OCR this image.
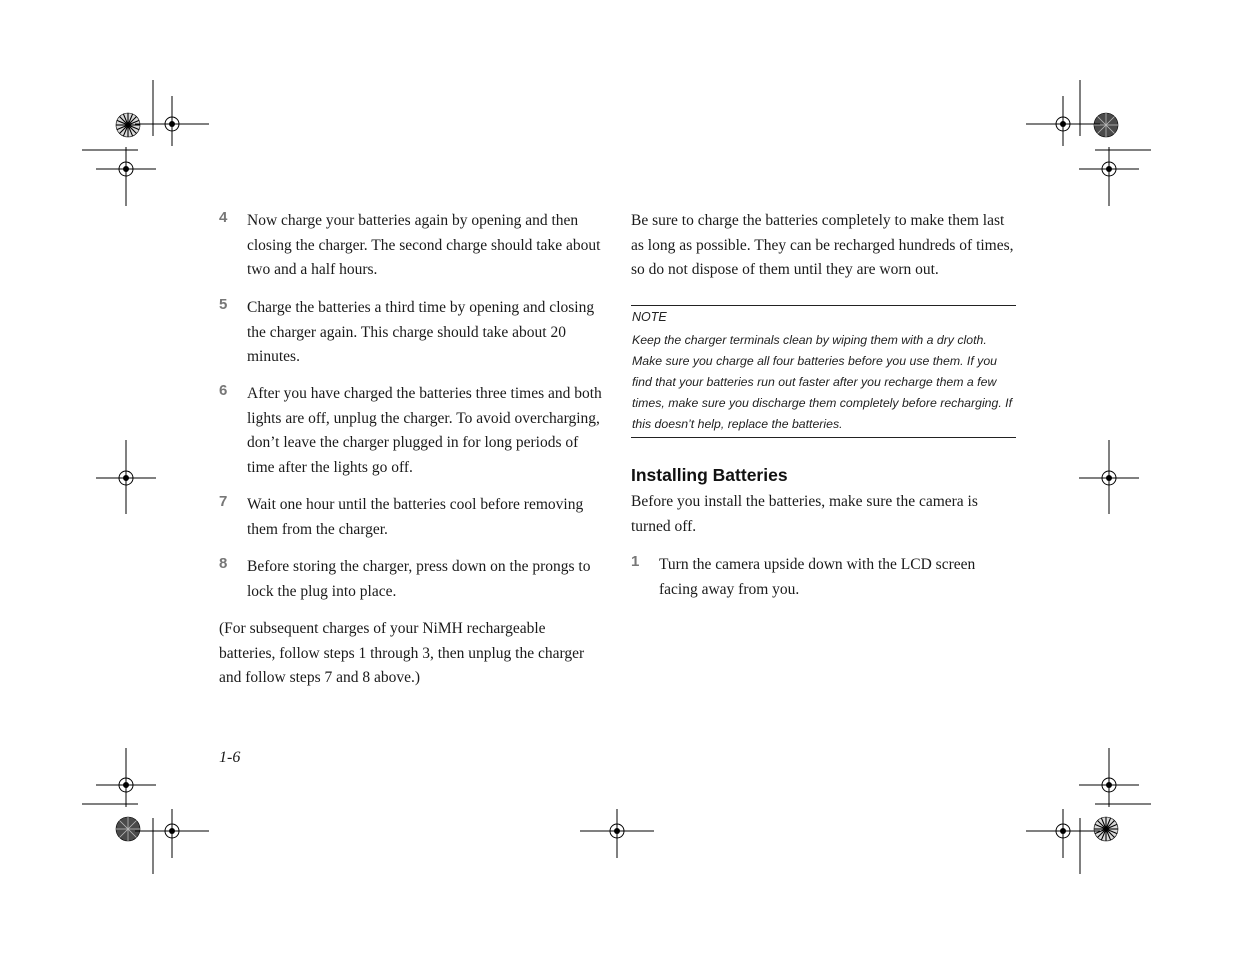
4 Now charge your batteries again by opening and then closing the charger. The second charge should take about two and a half hours.
5 Charge the batteries a third time by opening and closing the charger again. This charge should take about 20 minutes.
6 After you have charged the batteries three times and both lights are off, unplug the charger. To avoid overcharging, don’t leave the charger plugged in for long periods of time after the lights go off.
7 Wait one hour until the batteries cool before removing them from the charger.
8 Before storing the charger, press down on the prongs to lock the plug into place.
(For subsequent charges of your NiMH rechargeable batteries, follow steps 1 through 3, then unplug the charger and follow steps 7 and 8 above.)
Be sure to charge the batteries completely to make them last as long as possible. They can be recharged hundreds of times, so do not dispose of them until they are worn out.
NOTE
Keep the charger terminals clean by wiping them with a dry cloth. Make sure you charge all four batteries before you use them. If you find that your batteries run out faster after you recharge them a few times, make sure you discharge them completely before recharging. If this doesn’t help, replace the batteries.
Installing Batteries
Before you install the batteries, make sure the camera is turned off.
1 Turn the camera upside down with the LCD screen facing away from you.
1-6
